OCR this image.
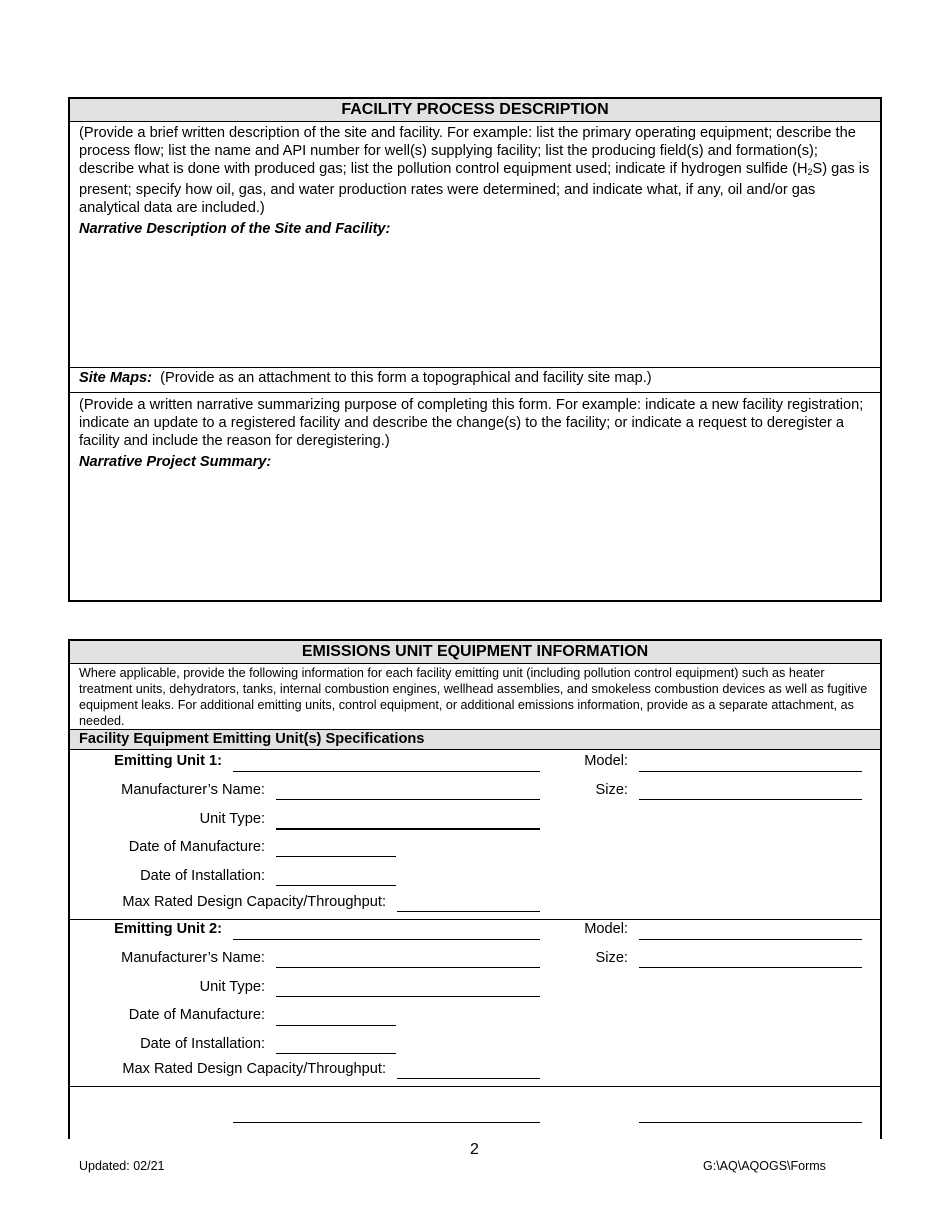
FACILITY PROCESS DESCRIPTION
(Provide a brief written description of the site and facility. For example: list the primary operating equipment; describe the process flow; list the name and API number for well(s) supplying facility; list the producing field(s) and formation(s); describe what is done with produced gas; list the pollution control equipment used; indicate if hydrogen sulfide $(H_2S)$ gas is present; specify how oil, gas, and water production rates were determined; and indicate what, if any, oil and/or gas analytical data are included.)
Narrative Description of the Site and Facility:
Site Maps: (Provide as an attachment to this form a topographical and facility site map.)
(Provide a written narrative summarizing purpose of completing this form. For example: indicate a new facility registration; indicate an update to a registered facility and describe the change(s) to the facility; or indicate a request to deregister a facility and include the reason for deregistering.)
Narrative Project Summary:
EMISSIONS UNIT EQUIPMENT INFORMATION
Where applicable, provide the following information for each facility emitting unit (including pollution control equipment) such as heater treatment units, dehydrators, tanks, internal combustion engines, wellhead assemblies, and smokeless combustion devices as well as fugitive equipment leaks. For additional emitting units, control equipment, or additional emissions information, provide as a separate attachment, as needed.
Facility Equipment Emitting Unit(s) Specifications
Emitting Unit 1:
Manufacturer’s Name:
Unit Type:
Date of Manufacture:
Date of Installation:
Max Rated Design Capacity/Throughput:
Model:
Size:
Emitting Unit 2:
Manufacturer’s Name:
Unit Type:
Date of Manufacture:
Date of Installation:
Max Rated Design Capacity/Throughput:
Model:
Size:
2
Updated: 02/21	G:\AQ\AQOGS\Forms
